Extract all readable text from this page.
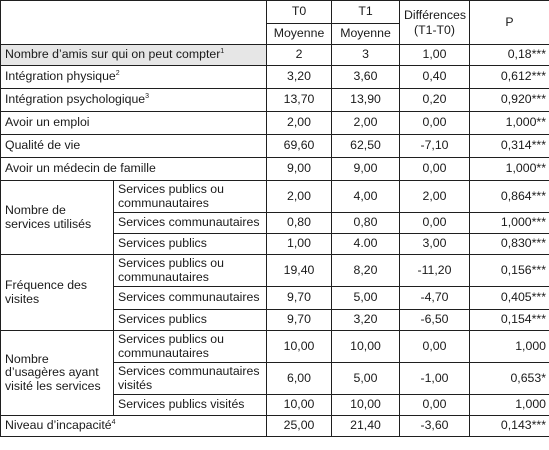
		T0	T1	Différences (T1-T0)	P
		Moyenne	Moyenne		
Nombre d’amis sur qui on peut compter$^1$		2	3	1,00	0,18***
Intégration physique$^2$		3,20	3,60	0,40	0,612***
Intégration psychologique$^3$		13,70	13,90	0,20	0,920***
Avoir un emploi		2,00	2,00	0,00	1,000**
Qualité de vie		69,60	62,50	-7,10	0,314***
Avoir un médecin de famille		9,00	9,00	0,00	1,000**
Nombre de services utilisés	Services publics ou communautaires	2,00	4,00	2,00	0,864***
	Services communautaires	0,80	0,80	0,00	1,000***
	Services publics	1,00	4.00	3,00	0,830***
Fréquence des visites	Services publics ou communautaires	19,40	8,20	-11,20	0,156***
	Services communautaires	9,70	5,00	-4,70	0,405***
	Services publics	9,70	3,20	-6,50	0,154***
Nombre d’usagères ayant visité les services	Services publics ou communautaires	10,00	10,00	0,00	1,000
	Services communautaires visités	6,00	5,00	-1,00	0,653*
	Services publics visités	10,00	10,00	0,00	1,000
Niveau d’incapacité$^4$		25,00	21,40	-3,60	0,143***
